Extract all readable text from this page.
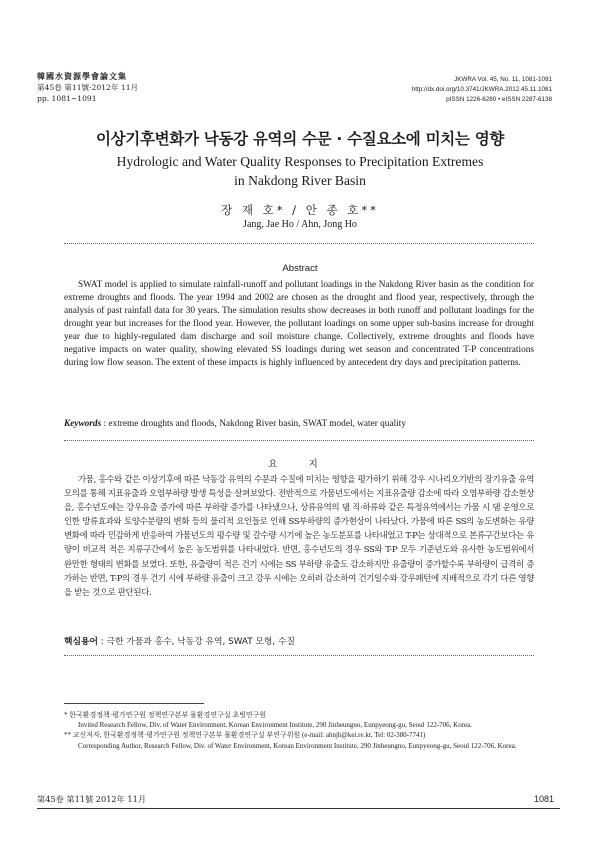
韓國水資源學會論文集
第45卷 第11號·2012年 11月
pp. 1081∼1091
JKWRA Vol. 45, No. 11, 1081-1091
http://dx.doi.org/10.3741/JKWRA.2012.45.11.1081
pISSN 1226-6280 • eISSN 2287-6138
이상기후변화가 낙동강 유역의 수문 · 수질요소에 미치는 영향
Hydrologic and Water Quality Responses to Precipitation Extremes
in Nakdong River Basin
장 재 호* / 안 종 호**
Jang, Jae Ho / Ahn, Jong Ho
Abstract

SWAT model is applied to simulate rainfall-runoff and pollutant loadings in the Nakdong River basin as the condition for extreme droughts and floods. The year 1994 and 2002 are chosen as the drought and flood year, respectively, through the analysis of past rainfall data for 30 years. The simulation results show decreases in both runoff and pollutant loadings for the drought year but increases for the flood year. However, the pollutant loadings on some upper sub-basins increase for drought year due to highly-regulated dam discharge and soil moisture change. Collectively, extreme droughts and floods have negative impacts on water quality, showing elevated SS loadings during wet season and concentrated T-P concentrations during low flow season. The extent of these impacts is highly influenced by antecedent dry days and precipitation patterns.

Keywords : extreme droughts and floods, Nakdong River basin, SWAT model, water quality
요 지

가뭄, 홍수와 같은 이상기후에 따른 낙동강 유역의 수문과 수질에 미치는 영향을 평가하기 위해 강우 시나리오기반의 장기유출 유역모의를 통해 지표유출과 오염부하량 발생 특성을 살펴보았다. 전반적으로 가뭄년도에서는 지표유출량 감소에 따라 오염부하량 감소현상을, 홍수년도에는 강우유출 증가에 따른 부하량 증가를 나타냈으나, 상류유역의 댐 직·하류와 같은 특정유역에서는 가뭄 시 댐 운영으로 인한 방류효과와 토양수분량의 변화 등의 물리적 요인들로 인해 SS부하량의 증가현상이 나타났다. 가뭄에 따른 SS의 농도변화는 유량변화에 따라 민감하게 반응하여 가뭄년도의 평수량 및 갈수량 시기에 높은 농도분포를 나타내었고 T-P는 상대적으로 본류구간보다는 유량이 비교적 적은 지류구간에서 높은 농도범위를 나타내었다. 반면, 홍수년도의 경우 SS와 T-P 모두 기준년도와 유사한 농도범위에서 완만한 형태의 변화를 보였다. 또한, 유출량이 적은 건기 시에는 SS 부하량 유출도 감소하지만 유출량이 증가할수록 부하량이 급격히 증가하는 반면, T-P의 경우 건기 시에 부하량 유출이 크고 강우 시에는 오히려 감소하여 건기일수와 강우패턴에 지배적으로 각기 다른 영향을 받는 것으로 판단된다.

핵심용어 : 극한 가뭄과 홍수, 낙동강 유역, SWAT 모형, 수질

* 한국환경정책·평가연구원 정책연구본부 물환경연구실 초빙연구원

Invited Research Fellow, Div. of Water Environment, Korean Environment Institute, 290 Jinheungno, Eunpyeong-gu, Seoul 122-706, Korea.

** 교신저자, 한국환경정책·평가연구원 정책연구본부 물환경연구실 부연구위원 (e-mail: ahnjh@kei.re.kr, Tel: 02-380-7741)

Corresponding Author, Research Fellow, Div. of Water Environment, Korean Environment Institute, 290 Jinheungno, Eunpyeong-gu, Seoul 122-706, Korea.

第45卷 第11號 2012年 11月	1081
